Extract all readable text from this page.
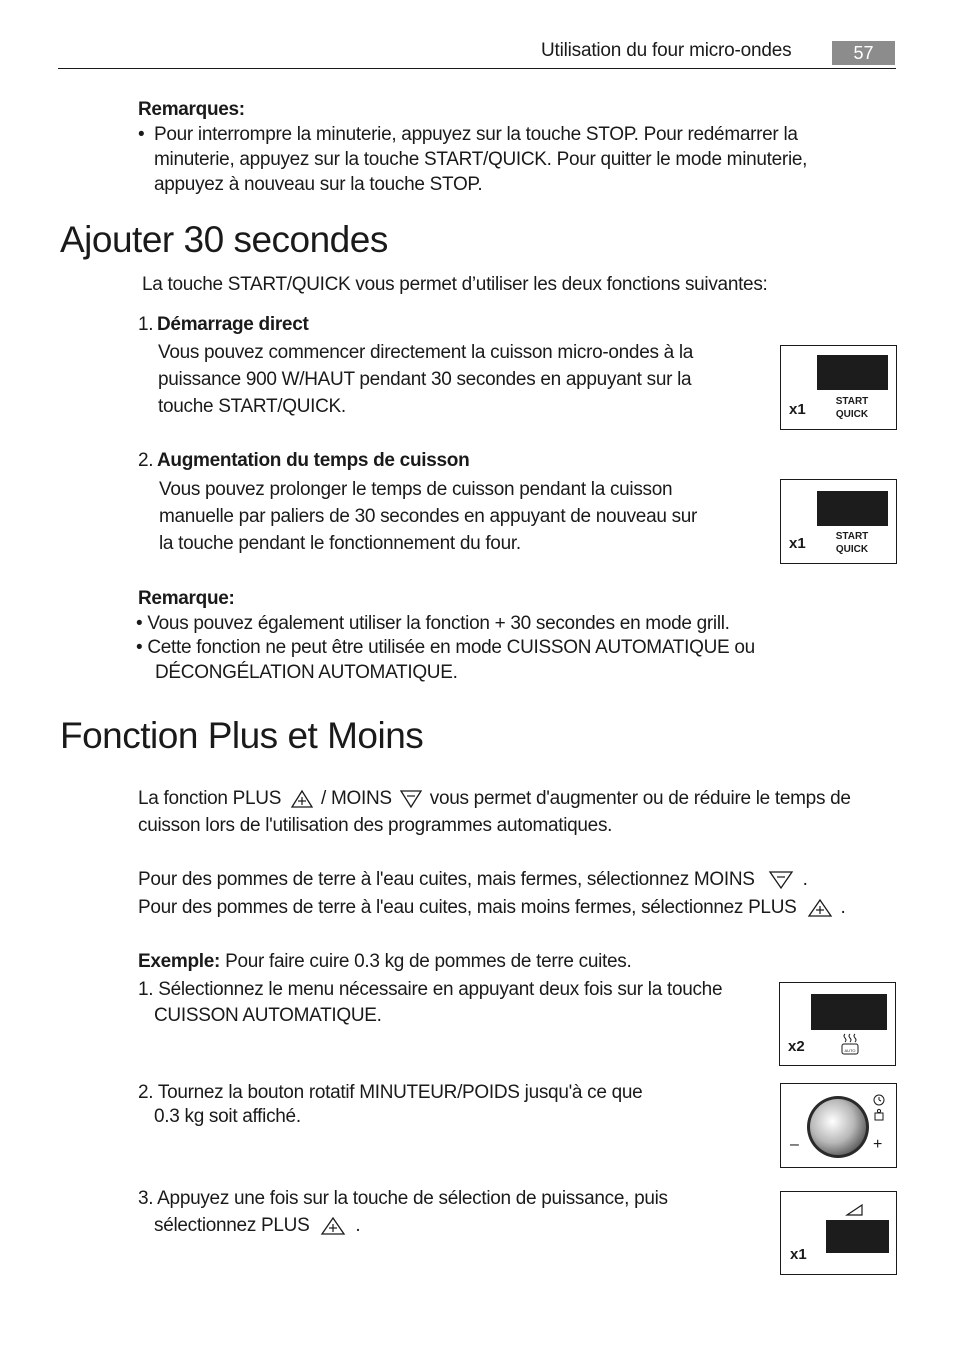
Utilisation du four micro-ondes	57
Remarques:
• Pour interrompre la minuterie, appuyez sur la touche STOP. Pour redémarrer la
minuterie, appuyez sur la touche START/QUICK. Pour quitter le mode minuterie,
appuyez à nouveau sur la touche STOP.
Ajouter 30 secondes
La touche START/QUICK vous permet d’utiliser les deux fonctions suivantes:
1. Démarrage direct
Vous pouvez commencer directement la cuisson micro-ondes à la
puissance 900 W/HAUT pendant 30 secondes en appuyant sur la
touche START/QUICK.
2. Augmentation du temps de cuisson
Vous pouvez prolonger le temps de cuisson pendant la cuisson
manuelle par paliers de 30 secondes en appuyant de nouveau sur
la touche pendant le fonctionnement du four.
x1	START
QUICK
x1	START
QUICK
Remarque:
• Vous pouvez également utiliser la fonction + 30 secondes en mode grill.
• Cette fonction ne peut être utilisée en mode CUISSON AUTOMATIQUE ou
DÉCONGÉLATION AUTOMATIQUE.
Fonction Plus et Moins
La fonction PLUS / MOINS vous permet d'augmenter ou de réduire le temps de
cuisson lors de l'utilisation des programmes automatiques.
Pour des pommes de terre à l'eau cuites, mais fermes, sélectionnez MOINS	.
Pour des pommes de terre à l'eau cuites, mais moins fermes, sélectionnez PLUS .
Exemple: Pour faire cuire 0.3 kg de pommes de terre cuites.
1. Sélectionnez le menu nécessaire en appuyant deux fois sur la touche
CUISSON AUTOMATIQUE.
2. Tournez la bouton rotatif MINUTEUR/POIDS jusqu'à ce que
0.3 kg soit affiché.
3. Appuyez une fois sur la touche de sélection de puissance, puis
sélectionnez PLUS .
x2	AUTO
–	+
x1
